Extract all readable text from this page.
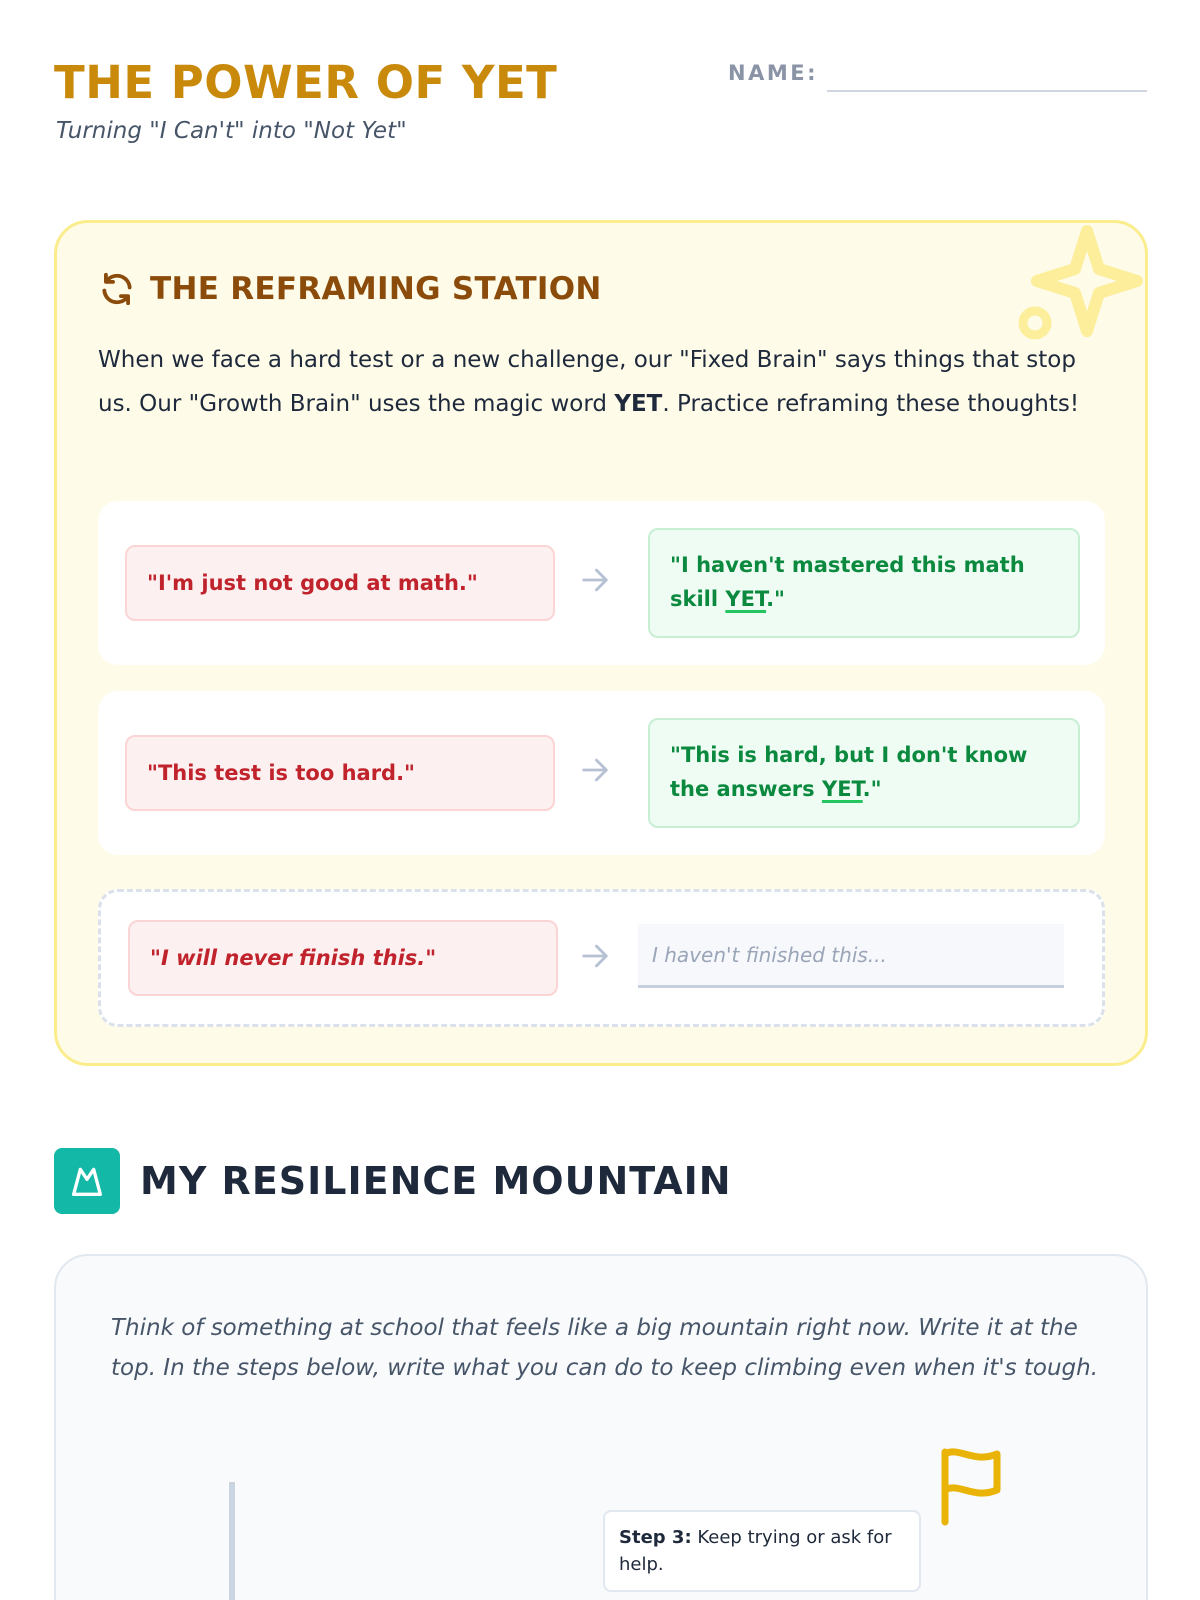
THE POWER OF YET
Turning "I Can't" into "Not Yet"
NAME:
THE REFRAMING STATION

When we face a hard test or a new challenge, our "Fixed Brain" says things that stop us. Our "Growth Brain" uses the magic word YET. Practice reframing these thoughts!

"I'm just not good at math."
"I haven't mastered this math skill YET."
"This test is too hard."
"This is hard, but I don't know the answers YET."
"I will never finish this."	I haven't finished this...
MY RESILIENCE MOUNTAIN

Think of something at school that feels like a big mountain right now. Write it at the top. In the steps below, write what you can do to keep climbing even when it's tough.

Step 3: Keep trying or ask for help.
